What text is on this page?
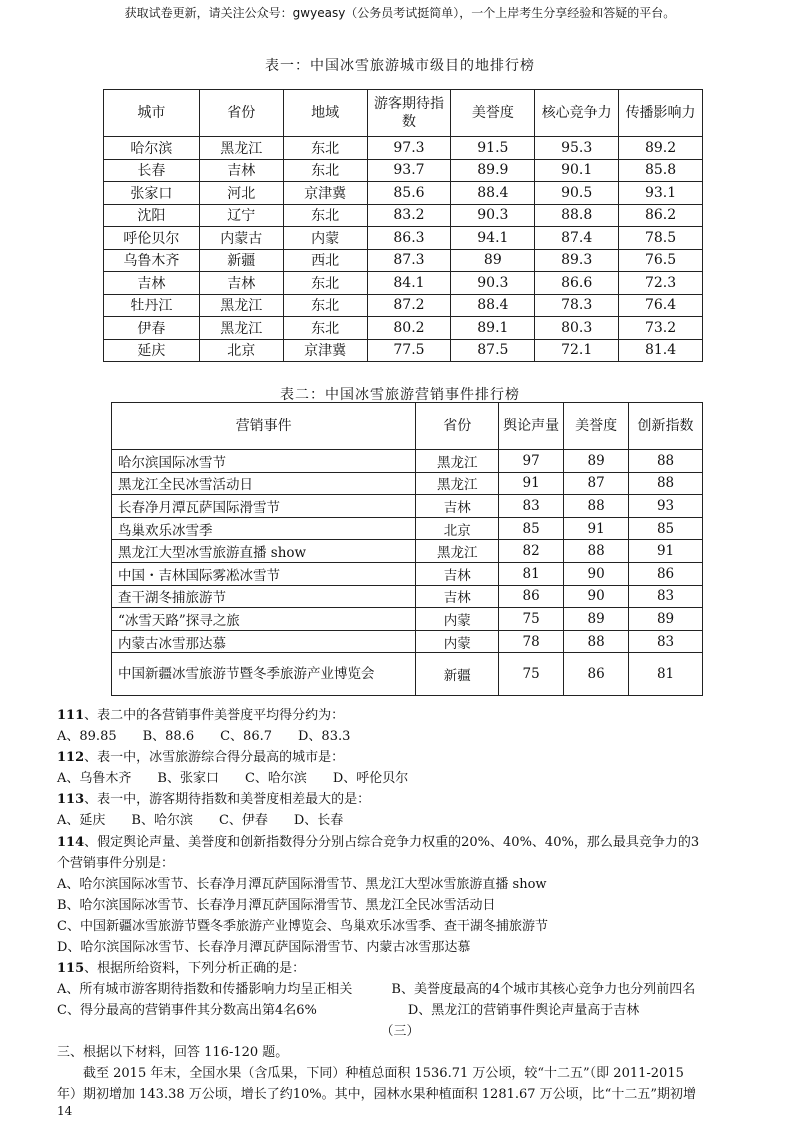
获取试卷更新，请关注公众号：gwyeasy（公务员考试挺简单），一个上岸考生分享经验和答疑的平台。
表一：中国冰雪旅游城市级目的地排行榜
城市	省份	地域	游客期待指数	美誉度	核心竞争力	传播影响力
哈尔滨	黑龙江	东北	97.3	91.5	95.3	89.2
长春	吉林	东北	93.7	89.9	90.1	85.8
张家口	河北	京津冀	85.6	88.4	90.5	93.1
沈阳	辽宁	东北	83.2	90.3	88.8	86.2
呼伦贝尔	内蒙古	内蒙	86.3	94.1	87.4	78.5
乌鲁木齐	新疆	西北	87.3	89	89.3	76.5
吉林	吉林	东北	84.1	90.3	86.6	72.3
牡丹江	黑龙江	东北	87.2	88.4	78.3	76.4
伊春	黑龙江	东北	80.2	89.1	80.3	73.2
延庆	北京	京津冀	77.5	87.5	72.1	81.4
表二：中国冰雪旅游营销事件排行榜
营销事件	省份	舆论声量	美誉度	创新指数
哈尔滨国际冰雪节	黑龙江	97	89	88
黑龙江全民冰雪活动日	黑龙江	91	87	88
长春净月潭瓦萨国际滑雪节	吉林	83	88	93
鸟巢欢乐冰雪季	北京	85	91	85
黑龙江大型冰雪旅游直播 show	黑龙江	82	88	91
中国・吉林国际雾凇冰雪节	吉林	81	90	86
查干湖冬捕旅游节	吉林	86	90	83
“冰雪天路”探寻之旅	内蒙	75	89	89
内蒙古冰雪那达慕	内蒙	78	88	83
中国新疆冰雪旅游节暨冬季旅游产业博览会	新疆	75	86	81
111、表二中的各营销事件美誉度平均得分约为：
A、89.85　　B、88.6　　C、86.7　　D、83.3
112、表一中，冰雪旅游综合得分最高的城市是：
A、乌鲁木齐　　B、张家口　　C、哈尔滨　　D、呼伦贝尔
113、表一中，游客期待指数和美誉度相差最大的是：
A、延庆　　B、哈尔滨　　C、伊春　　D、长春
114、假定舆论声量、美誉度和创新指数得分分别占综合竞争力权重的20%、40%、40%，那么最具竞争力的3
个营销事件分别是：
A、哈尔滨国际冰雪节、长春净月潭瓦萨国际滑雪节、黑龙江大型冰雪旅游直播 show
B、哈尔滨国际冰雪节、长春净月潭瓦萨国际滑雪节、黑龙江全民冰雪活动日
C、中国新疆冰雪旅游节暨冬季旅游产业博览会、鸟巢欢乐冰雪季、查干湖冬捕旅游节
D、哈尔滨国际冰雪节、长春净月潭瓦萨国际滑雪节、内蒙古冰雪那达慕
115、根据所给资料，下列分析正确的是：
A、所有城市游客期待指数和传播影响力均呈正相关　　　B、美誉度最高的4个城市其核心竞争力也分列前四名
C、得分最高的营销事件其分数高出第4名6%　　　　　　　D、黑龙江的营销事件舆论声量高于吉林
（三）
三、根据以下材料，回答 116-120 题。
　　截至 2015 年末，全国水果（含瓜果，下同）种植总面积 1536.71 万公顷，较“十二五”（即 2011-2015
年）期初增加 143.38 万公顷，增长了约10%。其中，园林水果种植面积 1281.67 万公顷，比“十二五”期初增
14
